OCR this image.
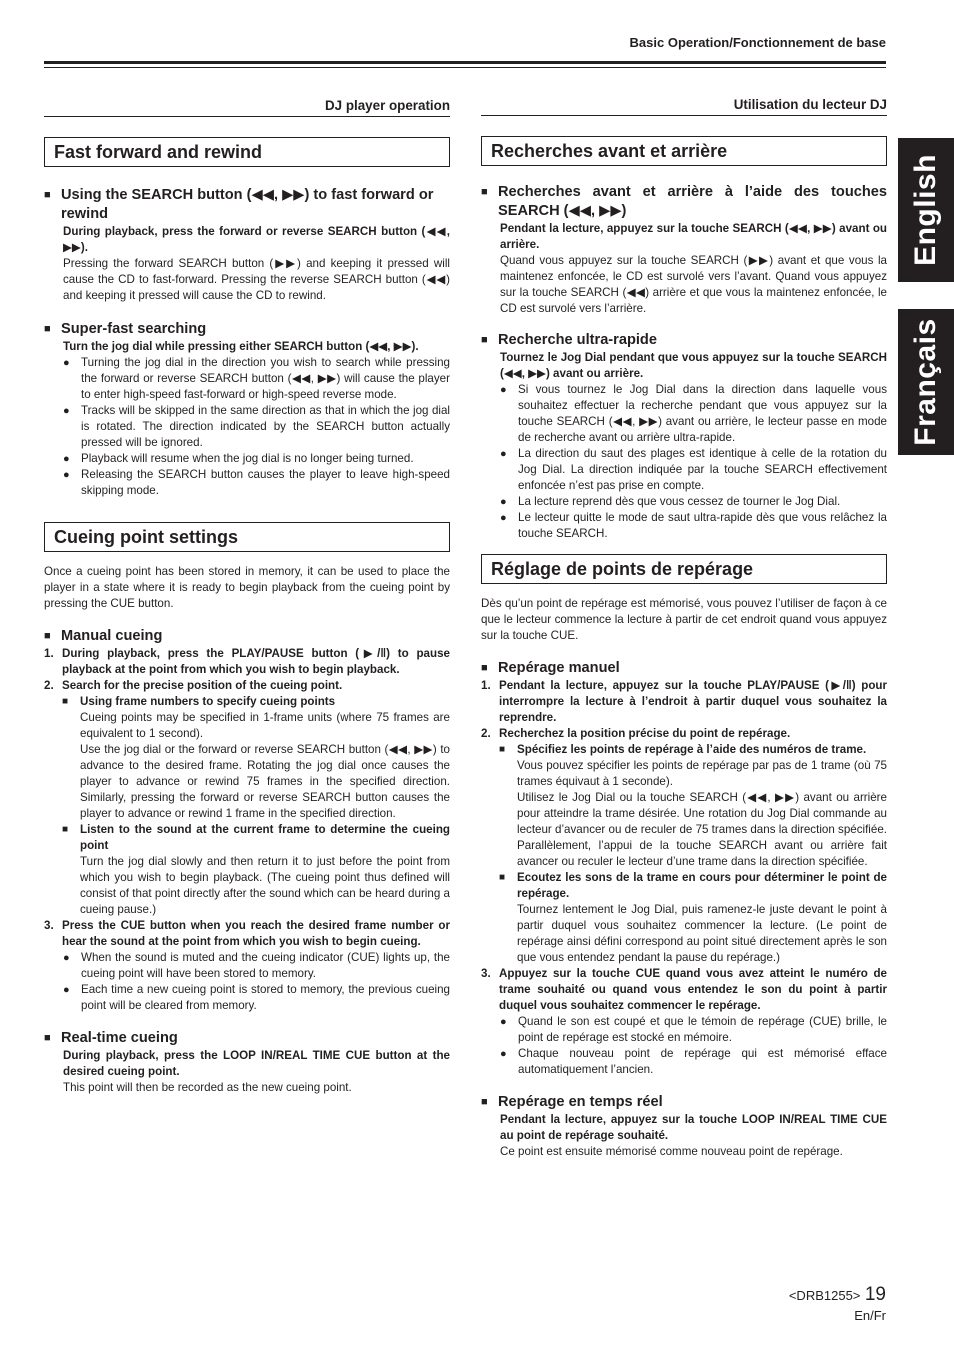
Basic Operation/Fonctionnement de base
English
Français
DJ player operation
Fast forward and rewind
■ Using the SEARCH button (◀◀, ▶▶) to fast forward or rewind
During playback, press the forward or reverse SEARCH button (◀◀, ▶▶).
Pressing the forward SEARCH button (▶▶) and keeping it pressed will cause the CD to fast-forward. Pressing the reverse SEARCH button (◀◀) and keeping it pressed will cause the CD to rewind.
■ Super-fast searching
Turn the jog dial while pressing either SEARCH button (◀◀, ▶▶).
● Turning the jog dial in the direction you wish to search while pressing the forward or reverse SEARCH button (◀◀, ▶▶) will cause the player to enter high-speed fast-forward or high-speed reverse mode.
● Tracks will be skipped in the same direction as that in which the jog dial is rotated. The direction indicated by the SEARCH button actually pressed will be ignored.
● Playback will resume when the jog dial is no longer being turned.
● Releasing the SEARCH button causes the player to leave high-speed skipping mode.
Cueing point settings
Once a cueing point has been stored in memory, it can be used to place the player in a state where it is ready to begin playback from the cueing point by pressing the CUE button.
■ Manual cueing
1. During playback, press the PLAY/PAUSE button (▶/ǁ) to pause playback at the point from which you wish to begin playback.
2. Search for the precise position of the cueing point.
■	Using frame numbers to specify cueing points
Cueing points may be specified in 1-frame units (where 75 frames are equivalent to 1 second).
Use the jog dial or the forward or reverse SEARCH button (◀◀, ▶▶) to advance to the desired frame. Rotating the jog dial once causes the player to advance or rewind 75 frames in the specified direction. Similarly, pressing the forward or reverse SEARCH button causes the player to advance or rewind 1 frame in the specified direction.
■	Listen to the sound at the current frame to determine the cueing point
Turn the jog dial slowly and then return it to just before the point from which you wish to begin playback. (The cueing point thus defined will consist of that point directly after the sound which can be heard during a cueing pause.)
3. Press the CUE button when you reach the desired frame number or hear the sound at the point from which you wish to begin cueing.
● When the sound is muted and the cueing indicator (CUE) lights up, the cueing point will have been stored to memory.
● Each time a new cueing point is stored to memory, the previous cueing point will be cleared from memory.
■ Real-time cueing
During playback, press the LOOP IN/REAL TIME CUE button at the desired cueing point.
This point will then be recorded as the new cueing point.
Utilisation du lecteur DJ
Recherches avant et arrière
■ Recherches avant et arrière à l’aide des touches SEARCH (◀◀, ▶▶)
Pendant la lecture, appuyez sur la touche SEARCH (◀◀, ▶▶) avant ou arrière.
Quand vous appuyez sur la touche SEARCH (▶▶) avant et que vous la maintenez enfoncée, le CD est survolé vers l’avant. Quand vous appuyez sur la touche SEARCH (◀◀) arrière et que vous la maintenez enfoncée, le CD est survolé vers l’arrière.
■ Recherche ultra-rapide
Tournez le Jog Dial pendant que vous appuyez sur la touche SEARCH (◀◀, ▶▶) avant ou arrière.
● Si vous tournez le Jog Dial dans la direction dans laquelle vous souhaitez effectuer la recherche pendant que vous appuyez sur la touche SEARCH (◀◀, ▶▶) avant ou arrière, le lecteur passe en mode de recherche avant ou arrière ultra-rapide.
● La direction du saut des plages est identique à celle de la rotation du Jog Dial. La direction indiquée par la touche SEARCH effectivement enfoncée n’est pas prise en compte.
● La lecture reprend dès que vous cessez de tourner le Jog Dial.
● Le lecteur quitte le mode de saut ultra-rapide dès que vous relâchez la touche SEARCH.
Réglage de points de repérage
Dès qu’un point de repérage est mémorisé, vous pouvez l’utiliser de façon à ce que le lecteur commence la lecture à partir de cet endroit quand vous appuyez sur la touche CUE.
■ Repérage manuel
1. Pendant la lecture, appuyez sur la touche PLAY/PAUSE (▶/ǁ) pour interrompre la lecture à l’endroit à partir duquel vous souhaitez la reprendre.
2. Recherchez la position précise du point de repérage.
■	Spécifiez les points de repérage à l’aide des numéros de trame.
Vous pouvez spécifier les points de repérage par pas de 1 trame (où 75 trames équivaut à 1 seconde).
Utilisez le Jog Dial ou la touche SEARCH (◀◀, ▶▶) avant ou arrière pour atteindre la trame désirée. Une rotation du Jog Dial commande au lecteur d’avancer ou de reculer de 75 trames dans la direction spécifiée. Parallèlement, l’appui de la touche SEARCH avant ou arrière fait avancer ou reculer le lecteur d’une trame dans la direction spécifiée.
■	Ecoutez les sons de la trame en cours pour déterminer le point de repérage.
Tournez lentement le Jog Dial, puis ramenez-le juste devant le point à partir duquel vous souhaitez commencer la lecture. (Le point de repérage ainsi défini correspond au point situé directement après le son que vous entendez pendant la pause du repérage.)
3. Appuyez sur la touche CUE quand vous avez atteint le numéro de trame souhaité ou quand vous entendez le son du point à partir duquel vous souhaitez commencer le repérage.
● Quand le son est coupé et que le témoin de repérage (CUE) brille, le point de repérage est stocké en mémoire.
● Chaque nouveau point de repérage qui est mémorisé efface automatiquement l’ancien.
■ Repérage en temps réel
Pendant la lecture, appuyez sur la touche LOOP IN/REAL TIME CUE au point de repérage souhaité.
Ce point est ensuite mémorisé comme nouveau point de repérage.
<DRB1255> 19
En/Fr
